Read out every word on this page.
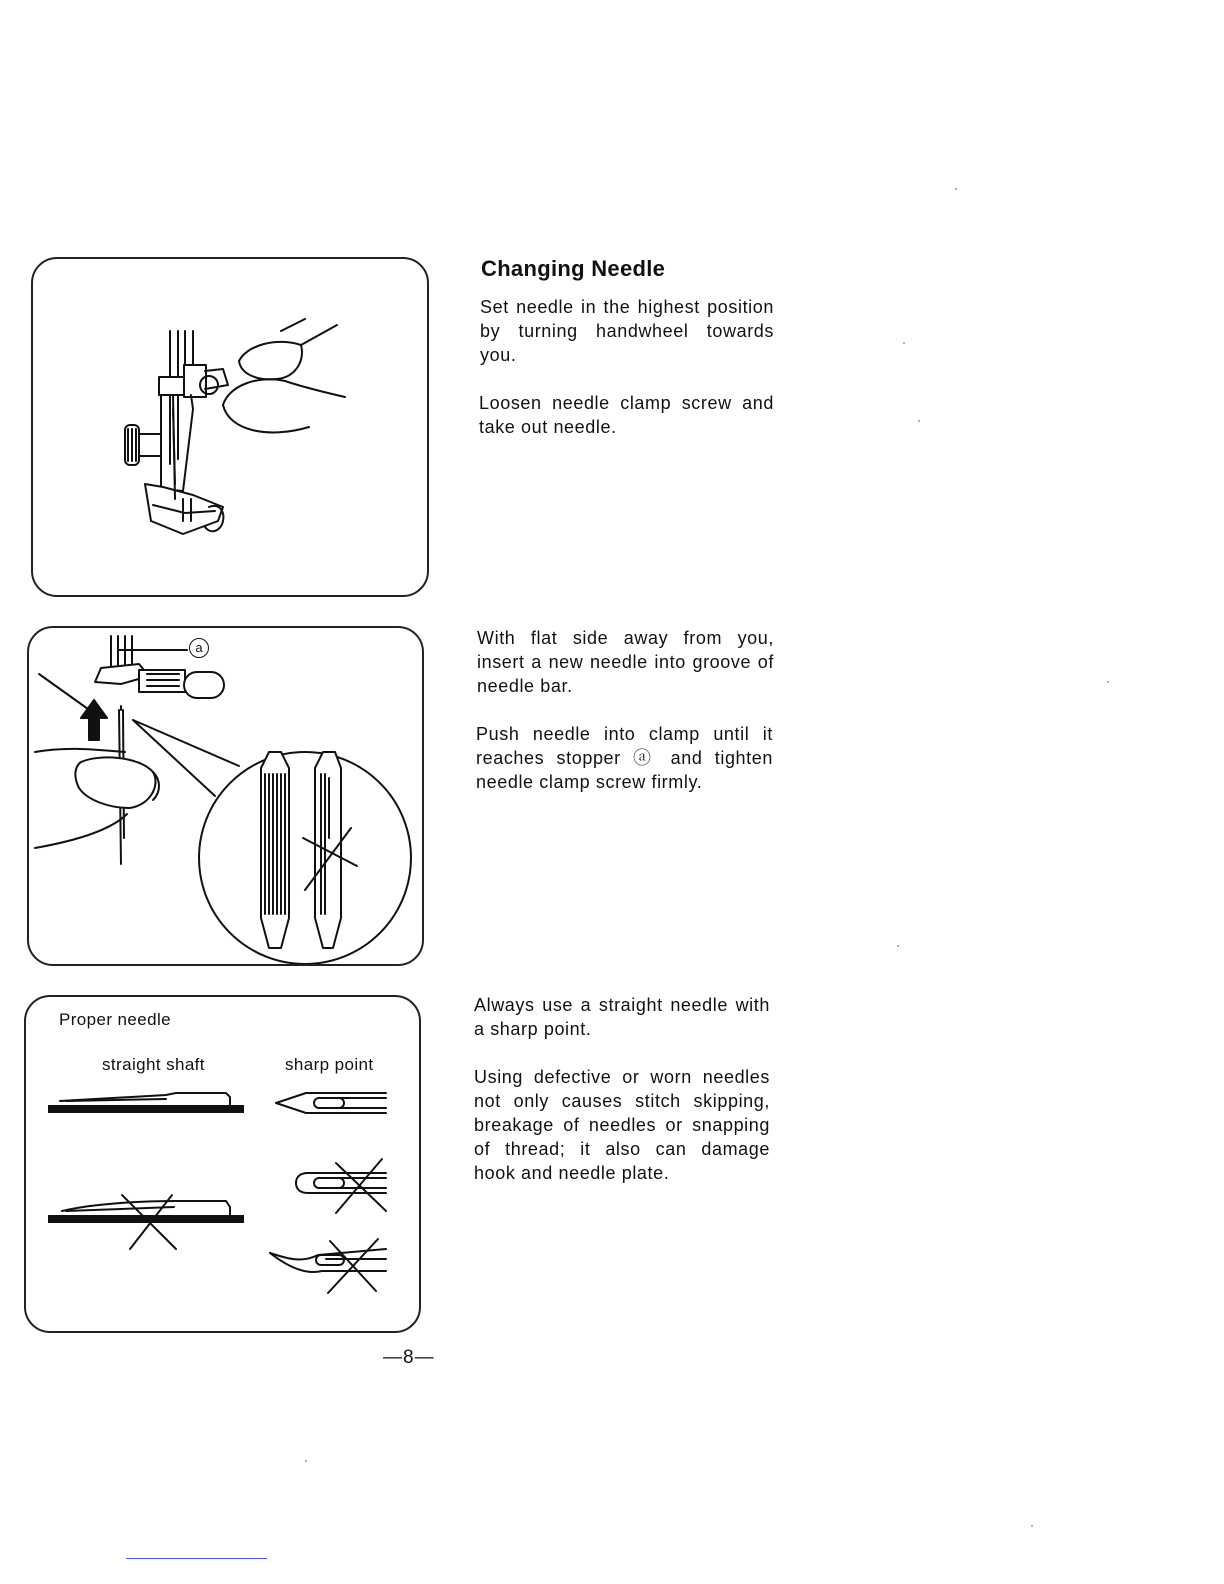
Changing Needle
Set needle in the highest position by turning handwheel towards you.
Loosen needle clamp screw and take out needle.
With flat side away from you, insert a new needle into groove of needle bar.
Push needle into clamp until it reaches stopper ⓐ and tighten needle clamp screw firmly.
Always use a straight needle with a sharp point.
Using defective or worn needles not only causes stitch skipping, breakage of needles or snapping of thread; it also can damage hook and needle plate.
a
Proper needle
straight shaft	sharp point
—8—
